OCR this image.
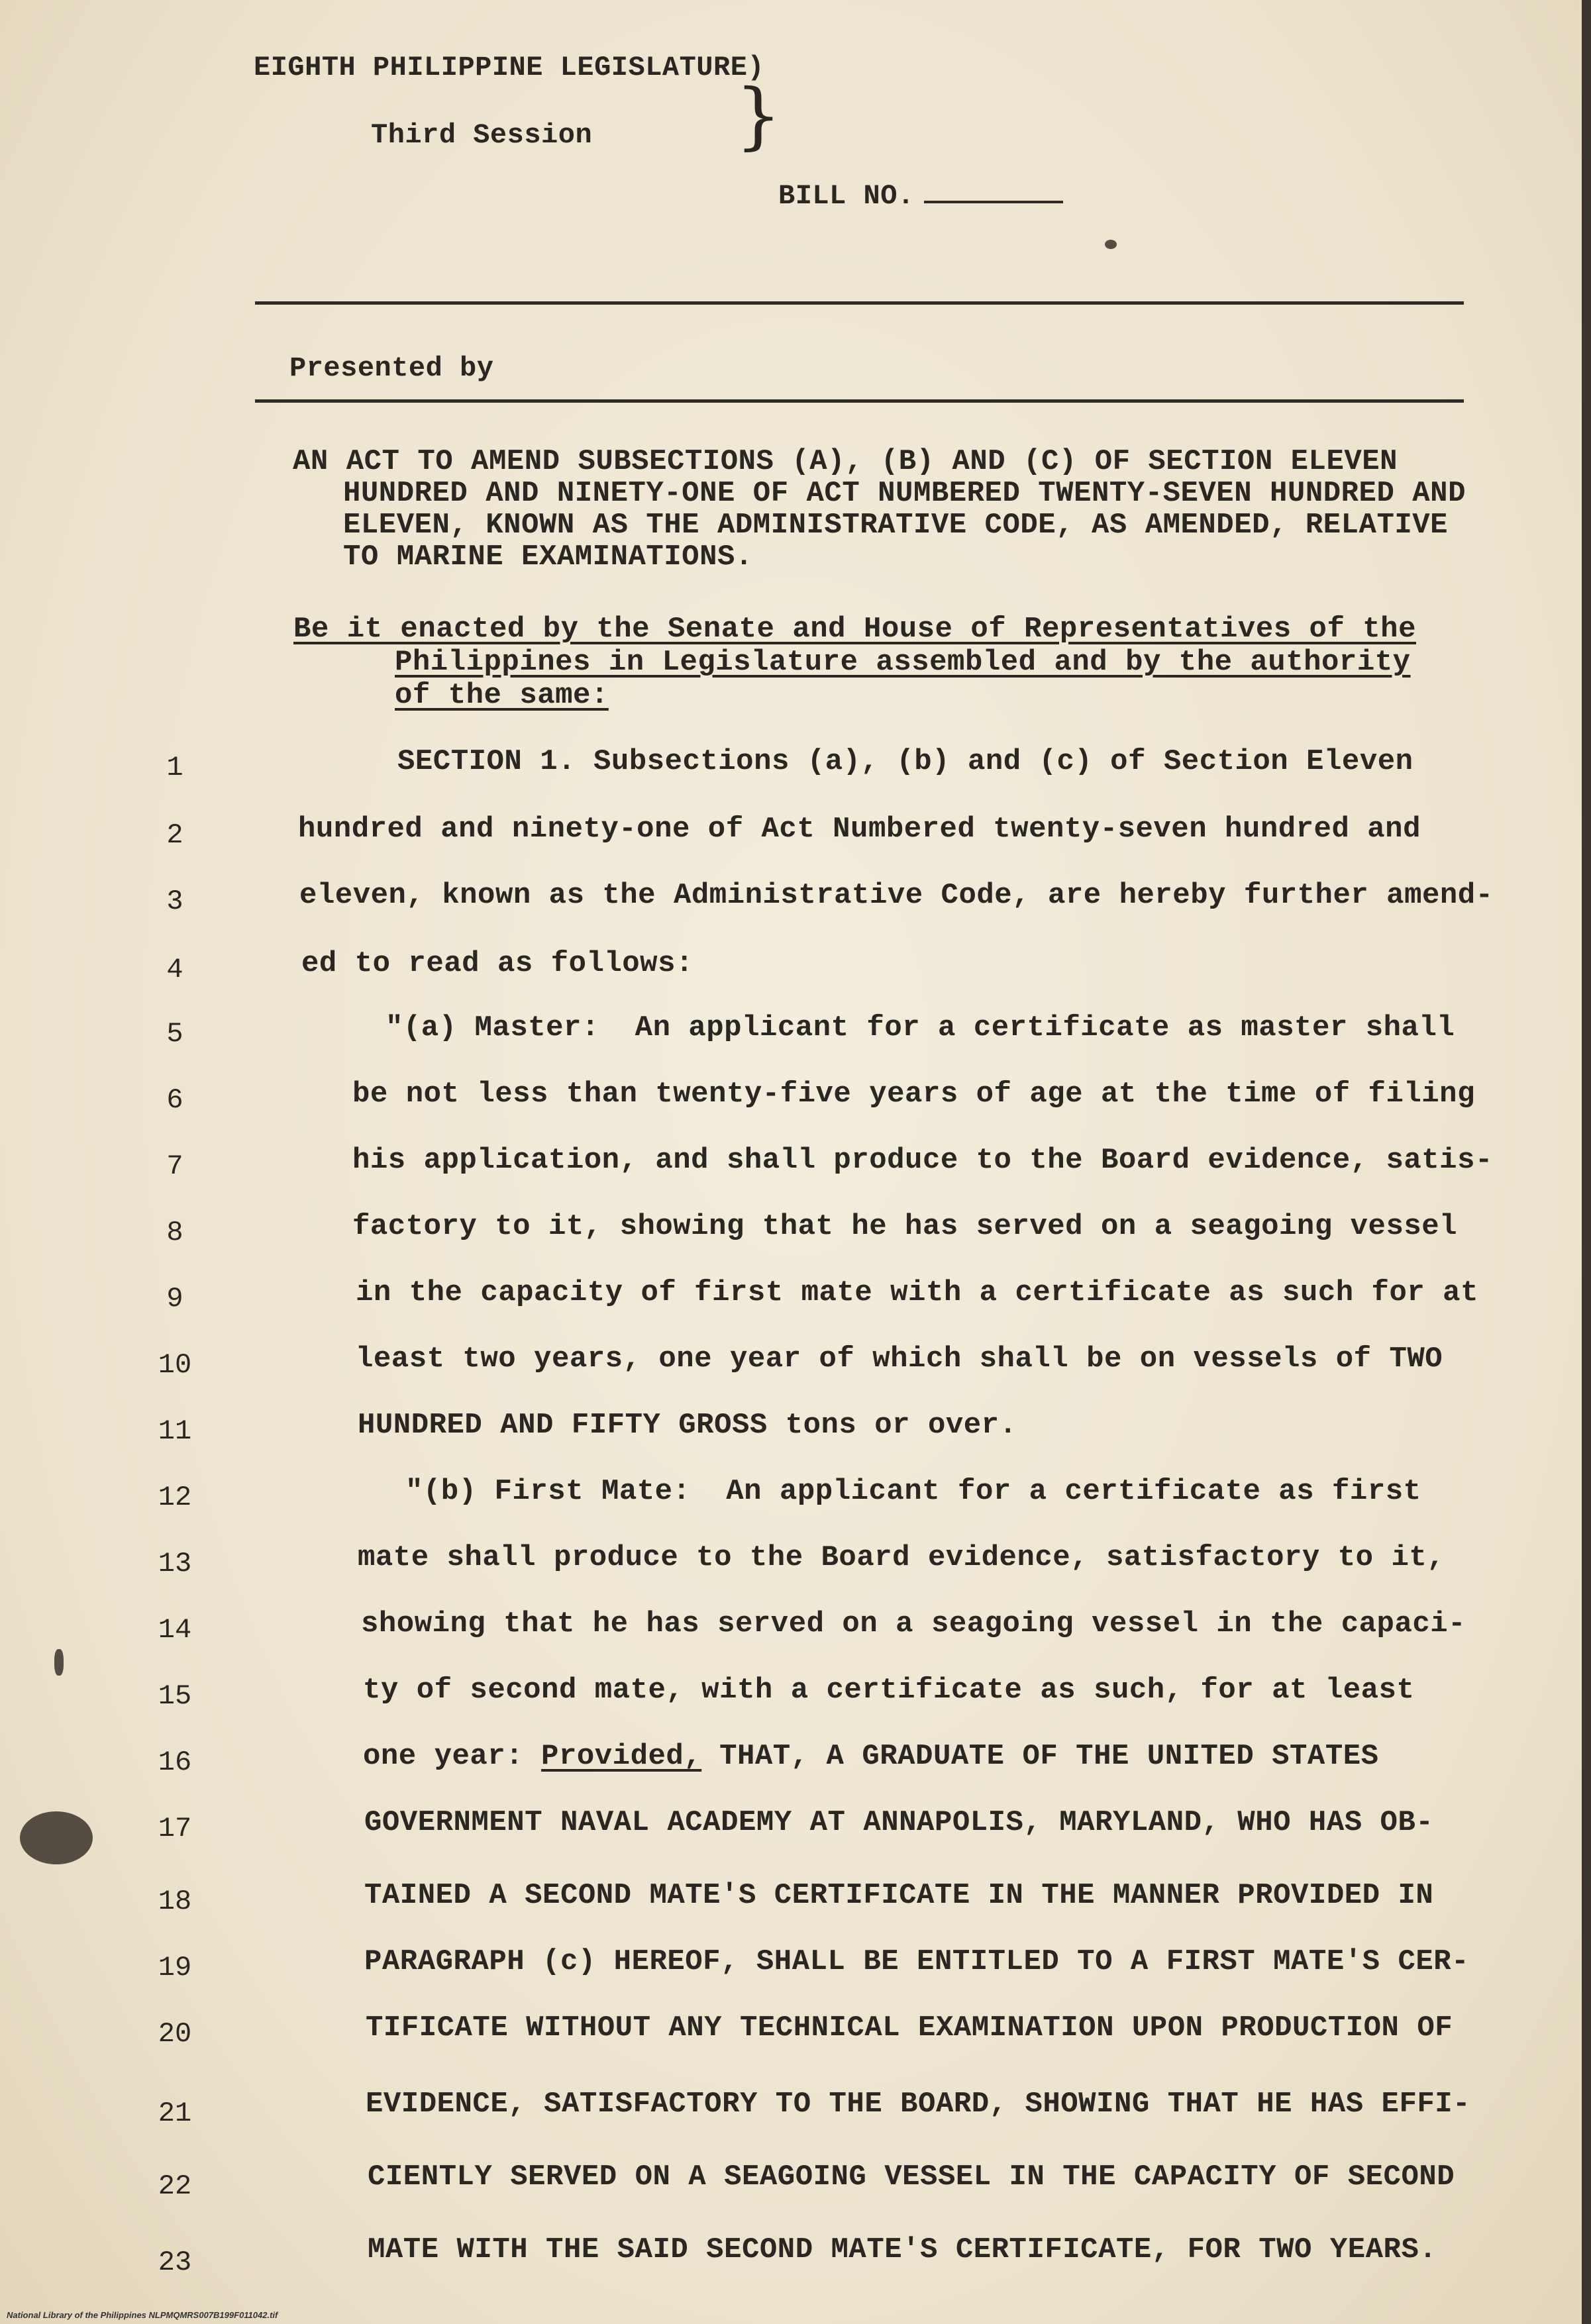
EIGHTH PHILIPPINE LEGISLATURE)
Third Session }
BILL NO.
Presented by
AN ACT TO AMEND SUBSECTIONS (A), (B) AND (C) OF SECTION ELEVEN
HUNDRED AND NINETY-ONE OF ACT NUMBERED TWENTY-SEVEN HUNDRED AND
ELEVEN, KNOWN AS THE ADMINISTRATIVE CODE, AS AMENDED, RELATIVE
TO MARINE EXAMINATIONS.
Be it enacted by the Senate and House of Representatives of the
Philippines in Legislature assembled and by the authority
of the same:
1
2
3
4
5
6
7
8
9
10
11
12
13
14
15
16
17
18
19
20
21
22
23
SECTION 1. Subsections (a), (b) and (c) of Section Eleven
hundred and ninety-one of Act Numbered twenty-seven hundred and
eleven, known as the Administrative Code, are hereby further amend-
ed to read as follows:
"(a) Master:  An applicant for a certificate as master shall
be not less than twenty-five years of age at the time of filing
his application, and shall produce to the Board evidence, satis-
factory to it, showing that he has served on a seagoing vessel
in the capacity of first mate with a certificate as such for at
least two years, one year of which shall be on vessels of TWO
HUNDRED AND FIFTY GROSS tons or over.
"(b) First Mate:  An applicant for a certificate as first
mate shall produce to the Board evidence, satisfactory to it,
showing that he has served on a seagoing vessel in the capaci-
ty of second mate, with a certificate as such, for at least
one year: Provided, THAT, A GRADUATE OF THE UNITED STATES
GOVERNMENT NAVAL ACADEMY AT ANNAPOLIS, MARYLAND, WHO HAS OB-
TAINED A SECOND MATE'S CERTIFICATE IN THE MANNER PROVIDED IN
PARAGRAPH (c) HEREOF, SHALL BE ENTITLED TO A FIRST MATE'S CER-
TIFICATE WITHOUT ANY TECHNICAL EXAMINATION UPON PRODUCTION OF
EVIDENCE, SATISFACTORY TO THE BOARD, SHOWING THAT HE HAS EFFI-
CIENTLY SERVED ON A SEAGOING VESSEL IN THE CAPACITY OF SECOND
MATE WITH THE SAID SECOND MATE'S CERTIFICATE, FOR TWO YEARS.
National Library of the Philippines NLPMQMRS007B199F011042.tif
